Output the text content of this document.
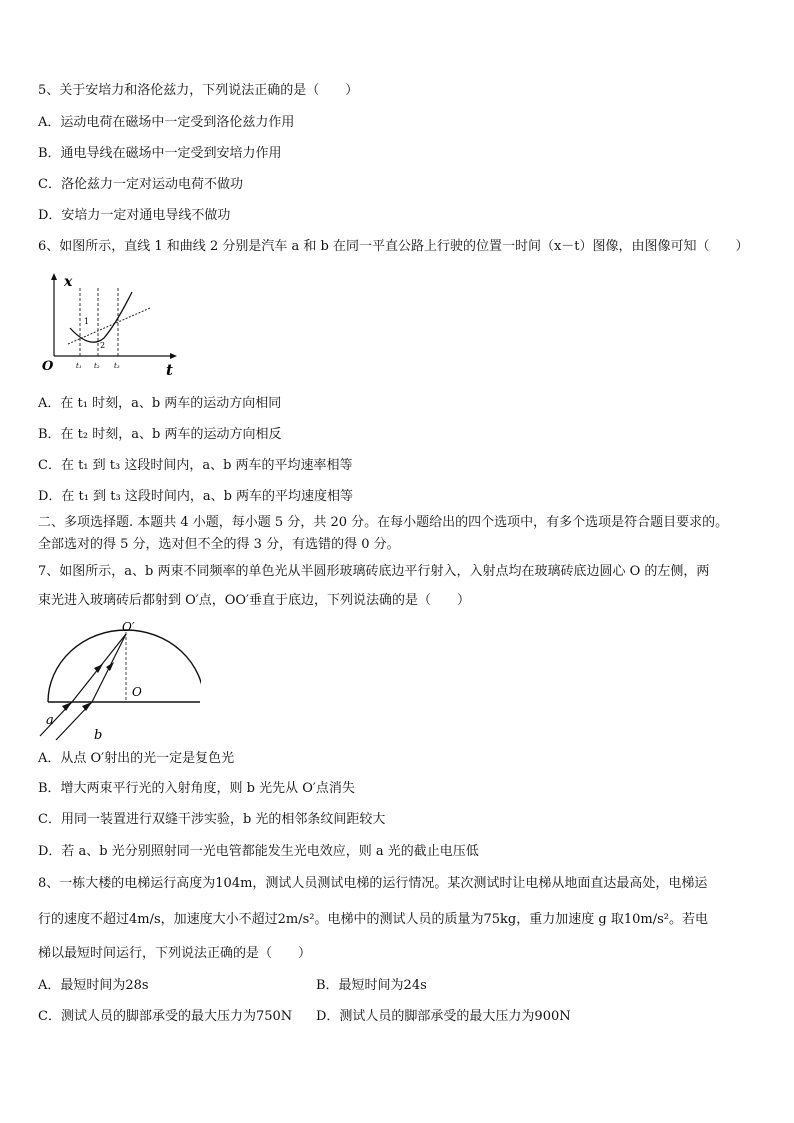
5、关于安培力和洛伦兹力，下列说法正确的是（　　）
A．运动电荷在磁场中一定受到洛伦兹力作用
B．通电导线在磁场中一定受到安培力作用
C．洛伦兹力一定对运动电荷不做功
D．安培力一定对通电导线不做功
6、如图所示，直线 1 和曲线 2 分别是汽车 a 和 b 在同一平直公路上行驶的位置一时间（x－t）图像，由图像可知（　　）
x
t
O
1
2
t₁ t₂ t₃
A．在 t₁ 时刻，a、b 两车的运动方向相同
B．在 t₂ 时刻，a、b 两车的运动方向相反
C．在 t₁ 到 t₃ 这段时间内，a、b 两车的平均速率相等
D．在 t₁ 到 t₃ 这段时间内，a、b 两车的平均速度相等
二、多项选择题. 本题共 4 小题，每小题 5 分，共 20 分。在每小题给出的四个选项中，有多个选项是符合题目要求的。
全部选对的得 5 分，选对但不全的得 3 分，有选错的得 0 分。
7、如图所示，a、b 两束不同频率的单色光从半圆形玻璃砖底边平行射入，入射点均在玻璃砖底边圆心 O 的左侧，两
束光进入玻璃砖后都射到 O′点，OO′垂直于底边，下列说法确的是（　　）
O
O′
a
b
A．从点 O′射出的光一定是复色光
B．增大两束平行光的入射角度，则 b 光先从 O′点消失
C．用同一装置进行双缝干涉实验，b 光的相邻条纹间距较大
D．若 a、b 光分别照射同一光电管都能发生光电效应，则 a 光的截止电压低
8、一栋大楼的电梯运行高度为104m，测试人员测试电梯的运行情况。某次测试时让电梯从地面直达最高处，电梯运
行的速度不超过4m/s，加速度大小不超过2m/s²。电梯中的测试人员的质量为75kg，重力加速度 g 取10m/s²。若电
梯以最短时间运行，下列说法正确的是（　　）
A．最短时间为28s	B．最短时间为24s
C．测试人员的脚部承受的最大压力为750N D．测试人员的脚部承受的最大压力为900N
